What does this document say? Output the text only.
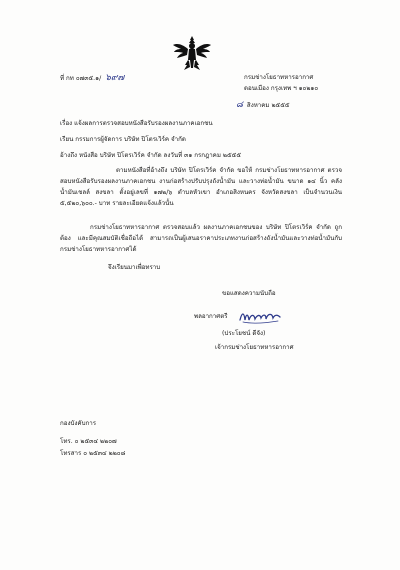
ที่ กท ๐๗๓๕.๑/ ๖๙๗	กรมช่างโยธาทหารอากาศ
ดอนเมือง กรุงเทพ ฯ ๑๐๒๑๐
๘ สิงหาคม ๒๕๕๕
เรื่อง แจ้งผลการตรวจสอบหนังสือรับรองผลงานภาคเอกชน
เรียน กรรมการผู้จัดการ บริษัท ปิโตรเวิร์ค จำกัด
อ้างถึง หนังสือ บริษัท ปิโตรเวิร์ค จำกัด ลงวันที่ ๓๑ กรกฎาคม ๒๕๕๕
ตามหนังสือที่อ้างถึง บริษัท ปิโตรเวิร์ค จำกัด ขอให้ กรมช่างโยธาทหารอากาศ ตรวจสอบหนังสือรับรองผลงานภาคเอกชน งานก่อสร้างปรับปรุงถังน้ำมัน และวางท่อน้ำมัน ขนาด ๑๔ นิ้ว คลังน้ำมันเชลล์ สงขลา ตั้งอยู่เลขที่ ๑๗๒/๖ ตำบลหัวเขา อำเภอสิงหนคร จังหวัดสงขลา เป็นจำนวนเงิน ๕,๕๒๐,๖๐๐.- บาท รายละเอียดแจ้งแล้วนั้น
กรมช่างโยธาทหารอากาศ ตรวจสอบแล้ว ผลงานภาคเอกชนของ บริษัท ปิโตรเวิร์ค จำกัด ถูกต้อง และมีคุณสมบัติเชื่อถือได้ สามารถเป็นผู้เสนอราคาประเภทงานก่อสร้างถังน้ำมันและวางท่อน้ำมันกับกรมช่างโยธาทหารอากาศได้
จึงเรียนมาเพื่อทราบ
ขอแสดงความนับถือ
พลอากาศตรี
(ประโยชน์ ดีจัง)
เจ้ากรมช่างโยธาทหารอากาศ
กองบังคับการ
โทร. ๐ ๒๕๓๔ ๒๒๐๗
โทรสาร ๐ ๒๕๓๔ ๒๒๐๘
